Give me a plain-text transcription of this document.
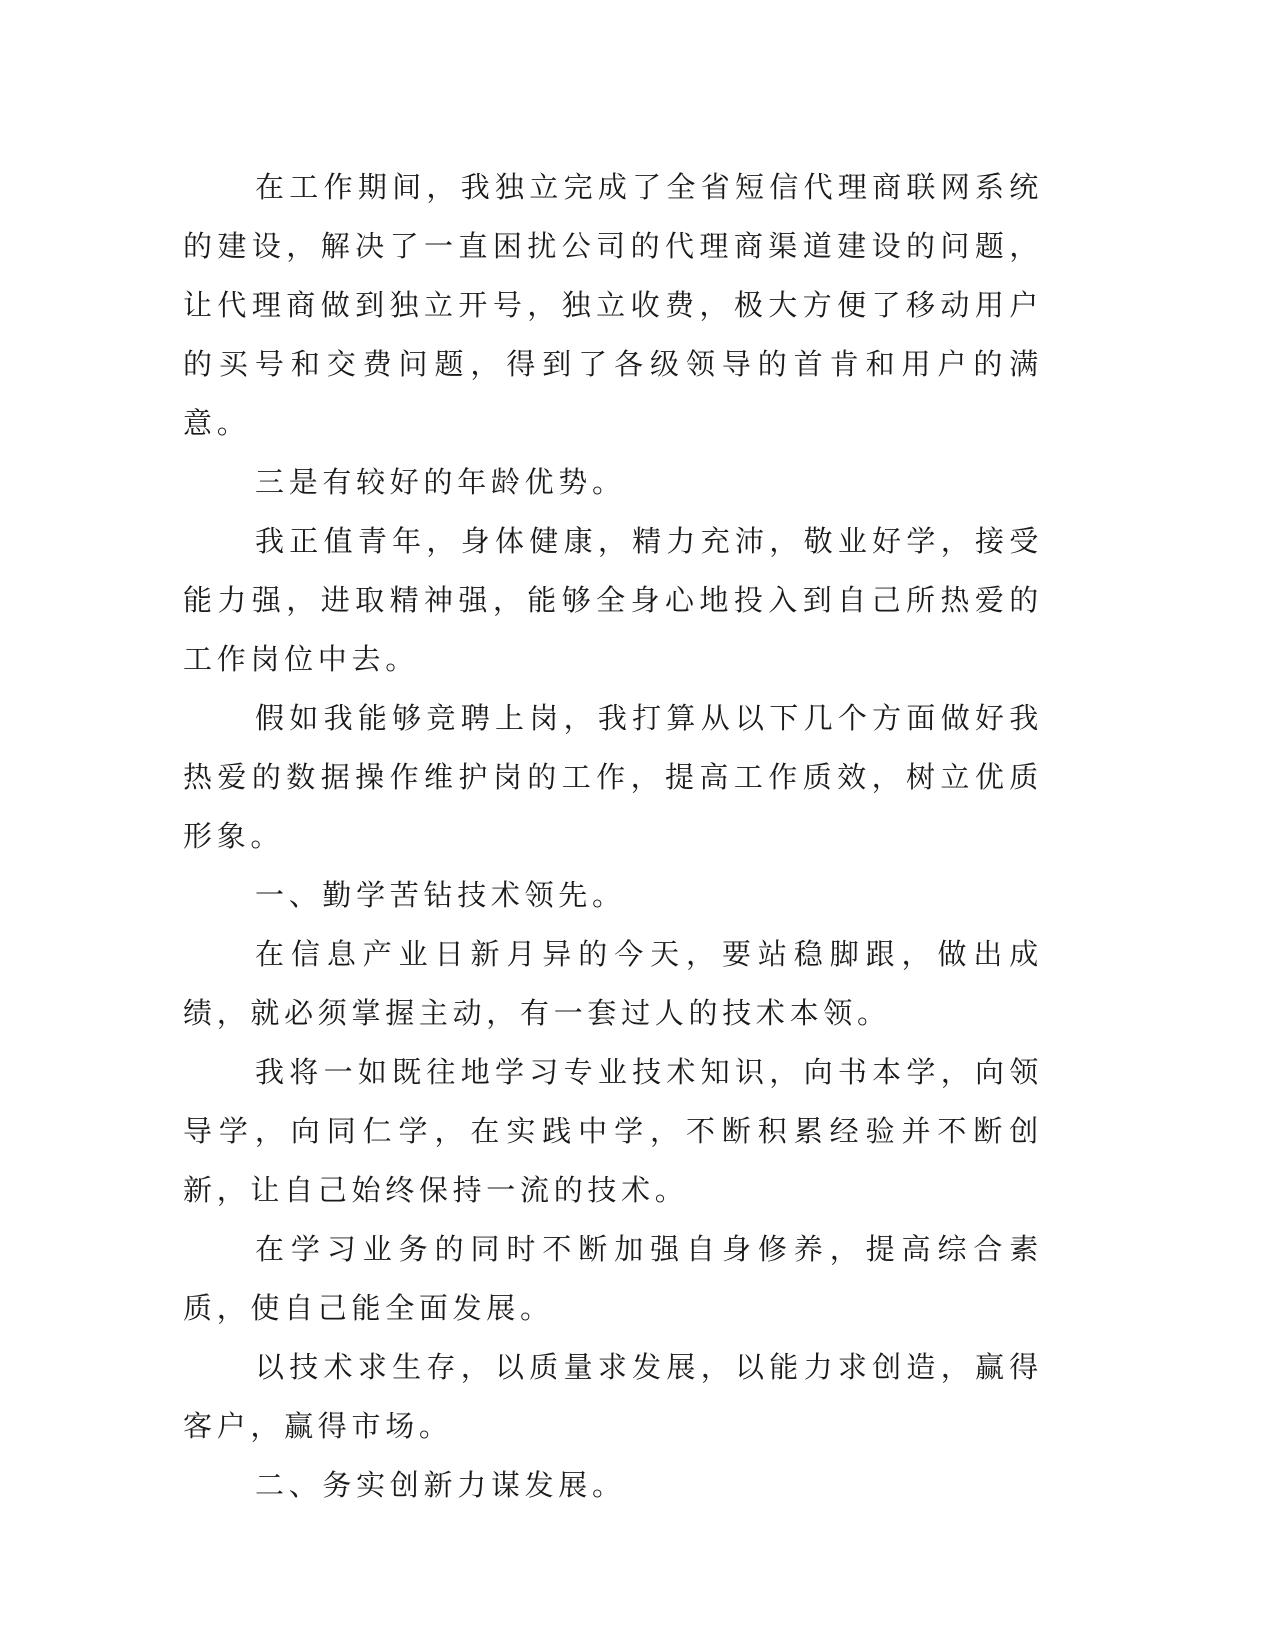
在工作期间，我独立完成了全省短信代理商联网系统的建设，解决了一直困扰公司的代理商渠道建设的问题，让代理商做到独立开号，独立收费，极大方便了移动用户的买号和交费问题，得到了各级领导的首肯和用户的满意。

三是有较好的年龄优势。

我正值青年，身体健康，精力充沛，敬业好学，接受能力强，进取精神强，能够全身心地投入到自己所热爱的工作岗位中去。

假如我能够竞聘上岗，我打算从以下几个方面做好我热爱的数据操作维护岗的工作，提高工作质效，树立优质形象。

一、勤学苦钻技术领先。

在信息产业日新月异的今天，要站稳脚跟，做出成绩，就必须掌握主动，有一套过人的技术本领。

我将一如既往地学习专业技术知识，向书本学，向领导学，向同仁学，在实践中学，不断积累经验并不断创新，让自己始终保持一流的技术。

在学习业务的同时不断加强自身修养，提高综合素质，使自己能全面发展。

以技术求生存，以质量求发展，以能力求创造，赢得客户，赢得市场。

二、务实创新力谋发展。
